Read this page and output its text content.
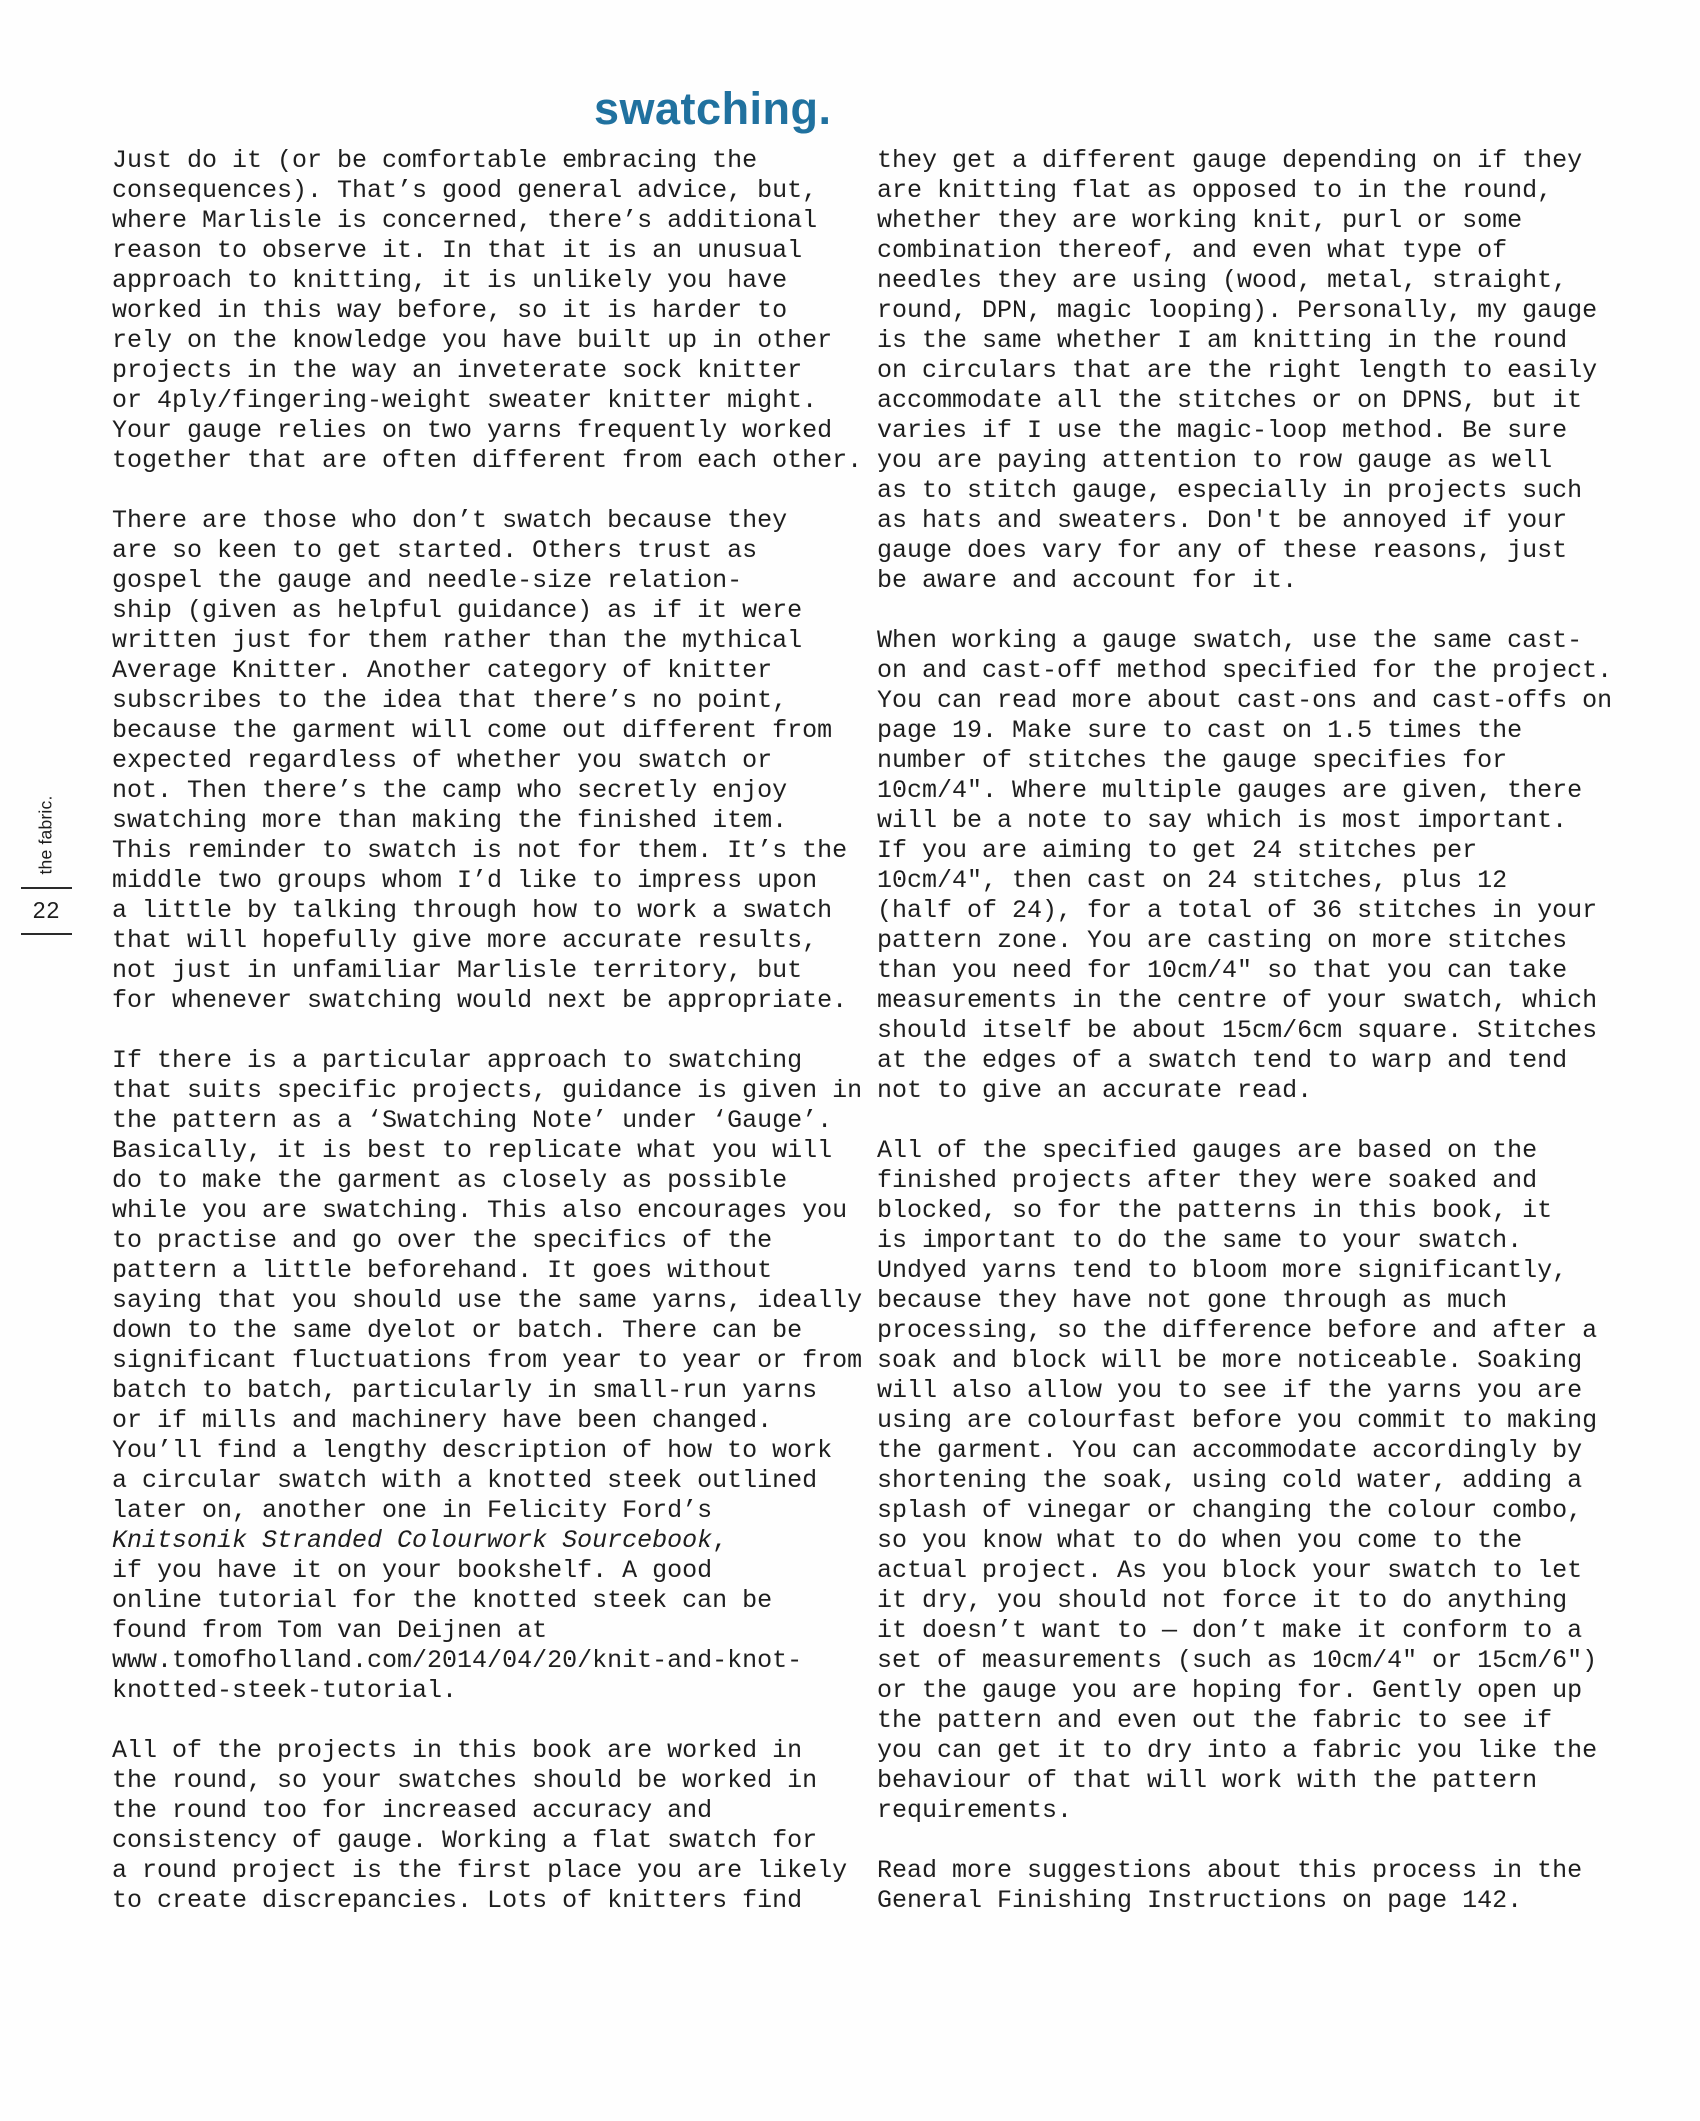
the fabric.
22
swatching.
Just do it (or be comfortable embracing the
consequences). That’s good general advice, but,
where Marlisle is concerned, there’s additional
reason to observe it. In that it is an unusual
approach to knitting, it is unlikely you have
worked in this way before, so it is harder to
rely on the knowledge you have built up in other
projects in the way an inveterate sock knitter
or 4ply/fingering-weight sweater knitter might.
Your gauge relies on two yarns frequently worked
together that are often different from each other.
There are those who don’t swatch because they
are so keen to get started. Others trust as
gospel the gauge and needle-size relation-
ship (given as helpful guidance) as if it were
written just for them rather than the mythical
Average Knitter. Another category of knitter
subscribes to the idea that there’s no point,
because the garment will come out different from
expected regardless of whether you swatch or
not. Then there’s the camp who secretly enjoy
swatching more than making the finished item.
This reminder to swatch is not for them. It’s the
middle two groups whom I’d like to impress upon
a little by talking through how to work a swatch
that will hopefully give more accurate results,
not just in unfamiliar Marlisle territory, but
for whenever swatching would next be appropriate.
If there is a particular approach to swatching
that suits specific projects, guidance is given in
the pattern as a ‘Swatching Note’ under ‘Gauge’.
Basically, it is best to replicate what you will
do to make the garment as closely as possible
while you are swatching. This also encourages you
to practise and go over the specifics of the
pattern a little beforehand. It goes without
saying that you should use the same yarns, ideally
down to the same dyelot or batch. There can be
significant fluctuations from year to year or from
batch to batch, particularly in small-run yarns
or if mills and machinery have been changed.
You’ll find a lengthy description of how to work
a circular swatch with a knotted steek outlined
later on, another one in Felicity Ford’s
Knitsonik Stranded Colourwork Sourcebook,
if you have it on your bookshelf. A good
online tutorial for the knotted steek can be
found from Tom van Deijnen at
www.tomofholland.com/2014/04/20/knit-and-knot-
knotted-steek-tutorial.
All of the projects in this book are worked in
the round, so your swatches should be worked in
the round too for increased accuracy and
consistency of gauge. Working a flat swatch for
a round project is the first place you are likely
to create discrepancies. Lots of knitters find
they get a different gauge depending on if they
are knitting flat as opposed to in the round,
whether they are working knit, purl or some
combination thereof, and even what type of
needles they are using (wood, metal, straight,
round, DPN, magic looping). Personally, my gauge
is the same whether I am knitting in the round
on circulars that are the right length to easily
accommodate all the stitches or on DPNS, but it
varies if I use the magic-loop method. Be sure
you are paying attention to row gauge as well
as to stitch gauge, especially in projects such
as hats and sweaters. Don't be annoyed if your
gauge does vary for any of these reasons, just
be aware and account for it.
When working a gauge swatch, use the same cast-
on and cast-off method specified for the project.
You can read more about cast-ons and cast-offs on
page 19. Make sure to cast on 1.5 times the
number of stitches the gauge specifies for
10cm/4″. Where multiple gauges are given, there
will be a note to say which is most important.
If you are aiming to get 24 stitches per
10cm/4″, then cast on 24 stitches, plus 12
(half of 24), for a total of 36 stitches in your
pattern zone. You are casting on more stitches
than you need for 10cm/4″ so that you can take
measurements in the centre of your swatch, which
should itself be about 15cm/6cm square. Stitches
at the edges of a swatch tend to warp and tend
not to give an accurate read.
All of the specified gauges are based on the
finished projects after they were soaked and
blocked, so for the patterns in this book, it
is important to do the same to your swatch.
Undyed yarns tend to bloom more significantly,
because they have not gone through as much
processing, so the difference before and after a
soak and block will be more noticeable. Soaking
will also allow you to see if the yarns you are
using are colourfast before you commit to making
the garment. You can accommodate accordingly by
shortening the soak, using cold water, adding a
splash of vinegar or changing the colour combo,
so you know what to do when you come to the
actual project. As you block your swatch to let
it dry, you should not force it to do anything
it doesn’t want to — don’t make it conform to a
set of measurements (such as 10cm/4″ or 15cm/6″)
or the gauge you are hoping for. Gently open up
the pattern and even out the fabric to see if
you can get it to dry into a fabric you like the
behaviour of that will work with the pattern
requirements.
Read more suggestions about this process in the
General Finishing Instructions on page 142.
